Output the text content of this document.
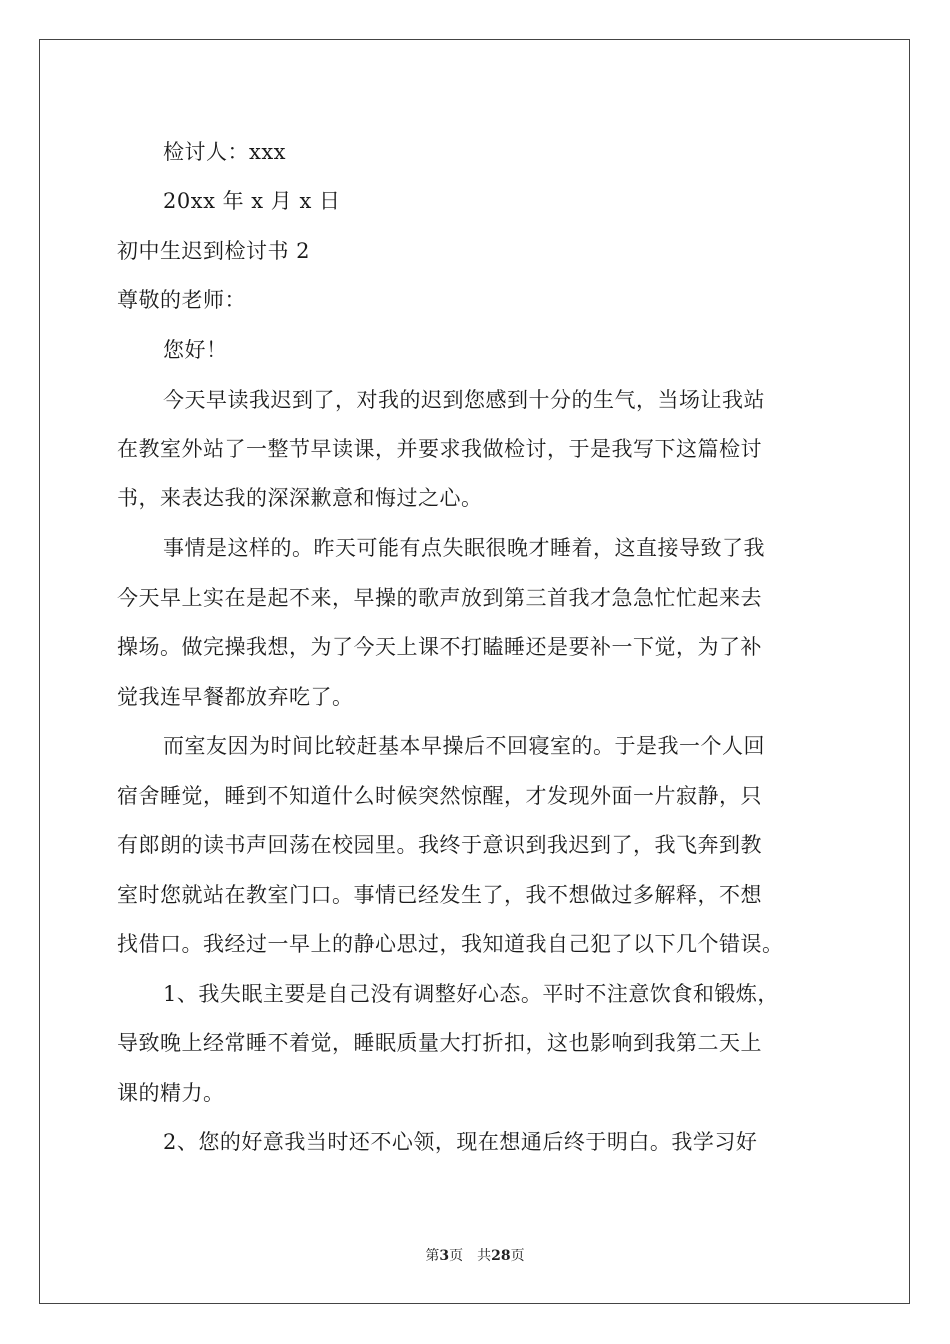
检讨人：xxx
20xx 年 x 月 x 日
初中生迟到检讨书 2
尊敬的老师：
您好！
今天早读我迟到了，对我的迟到您感到十分的生气，当场让我站
在教室外站了一整节早读课，并要求我做检讨，于是我写下这篇检讨
书，来表达我的深深歉意和悔过之心。
事情是这样的。昨天可能有点失眠很晚才睡着，这直接导致了我
今天早上实在是起不来，早操的歌声放到第三首我才急急忙忙起来去
操场。做完操我想，为了今天上课不打瞌睡还是要补一下觉，为了补
觉我连早餐都放弃吃了。
而室友因为时间比较赶基本早操后不回寝室的。于是我一个人回
宿舍睡觉，睡到不知道什么时候突然惊醒，才发现外面一片寂静，只
有郎朗的读书声回荡在校园里。我终于意识到我迟到了，我飞奔到教
室时您就站在教室门口。事情已经发生了，我不想做过多解释，不想
找借口。我经过一早上的静心思过，我知道我自己犯了以下几个错误。
1、我失眠主要是自己没有调整好心态。平时不注意饮食和锻炼，
导致晚上经常睡不着觉，睡眠质量大打折扣，这也影响到我第二天上
课的精力。
2、您的好意我当时还不心领，现在想通后终于明白。我学习好
第3页　共28页
